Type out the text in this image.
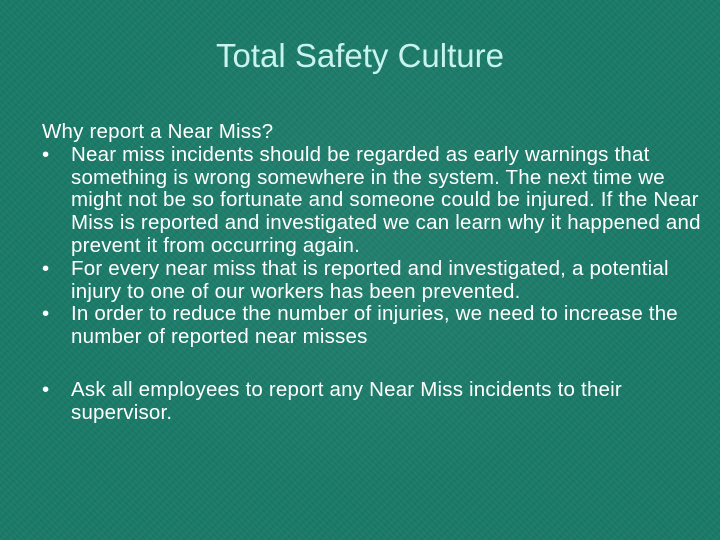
Total Safety Culture

Why report a Near Miss?

•	Near miss incidents should be regarded as early warnings that something is wrong somewhere in the system. The next time we might not be so fortunate and someone could be injured. If the Near Miss is reported and investigated we can learn why it happened and prevent it from occurring again.
•	For every near miss that is reported and investigated, a potential injury to one of our workers has been prevented.
•	In order to reduce the number of injuries, we need to increase the number of reported near misses
•	Ask all employees to report any Near Miss incidents to their supervisor.
